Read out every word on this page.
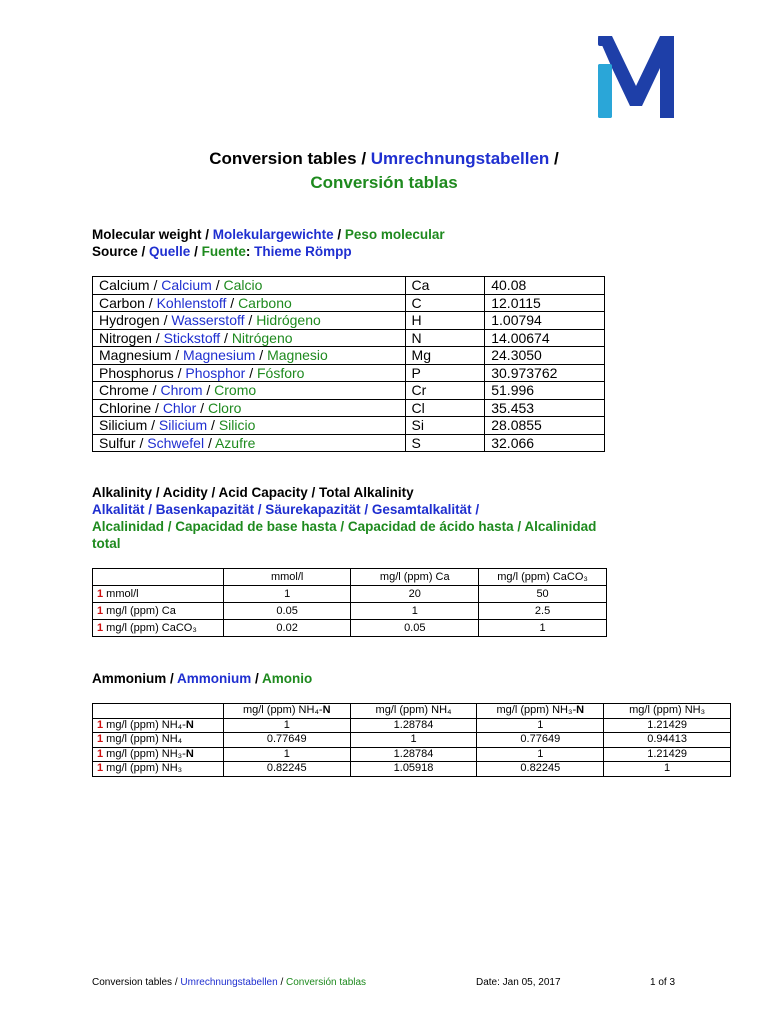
Conversion tables / Umrechnungstabellen /
Conversión tablas
Molecular weight / Molekulargewichte / Peso molecular
Source / Quelle / Fuente: Thieme Römpp
Calcium / Calcium / Calcio	Ca	40.08
Carbon / Kohlenstoff / Carbono	C	12.0115
Hydrogen / Wasserstoff / Hidrógeno	H	1.00794
Nitrogen / Stickstoff / Nitrógeno	N	14.00674
Magnesium / Magnesium / Magnesio	Mg	24.3050
Phosphorus / Phosphor / Fósforo	P	30.973762
Chrome / Chrom / Cromo	Cr	51.996
Chlorine / Chlor / Cloro	Cl	35.453
Silicium / Silicium / Silicio	Si	28.0855
Sulfur / Schwefel / Azufre	S	32.066
Alkalinity / Acidity / Acid Capacity / Total Alkalinity
Alkalität / Basenkapazität / Säurekapazität / Gesamtalkalität /
Alcalinidad / Capacidad de base hasta / Capacidad de ácido hasta / Alcalinidad
total
	mmol/l	mg/l (ppm) Ca	mg/l (ppm) CaCO₃
1 mmol/l	1	20	50
1 mg/l (ppm) Ca	0.05	1	2.5
1 mg/l (ppm) CaCO₃	0.02	0.05	1
Ammonium / Ammonium / Amonio
	mg/l (ppm) NH₄-N	mg/l (ppm) NH₄	mg/l (ppm) NH₃-N	mg/l (ppm) NH₃
1 mg/l (ppm) NH₄-N	1	1.28784	1	1.21429
1 mg/l (ppm) NH₄	0.77649	1	0.77649	0.94413
1 mg/l (ppm) NH₃-N	1	1.28784	1	1.21429
1 mg/l (ppm) NH₃	0.82245	1.05918	0.82245	1
Conversion tables / Umrechnungstabellen / Conversión tablas	Date: Jan 05, 2017	1 of 3
